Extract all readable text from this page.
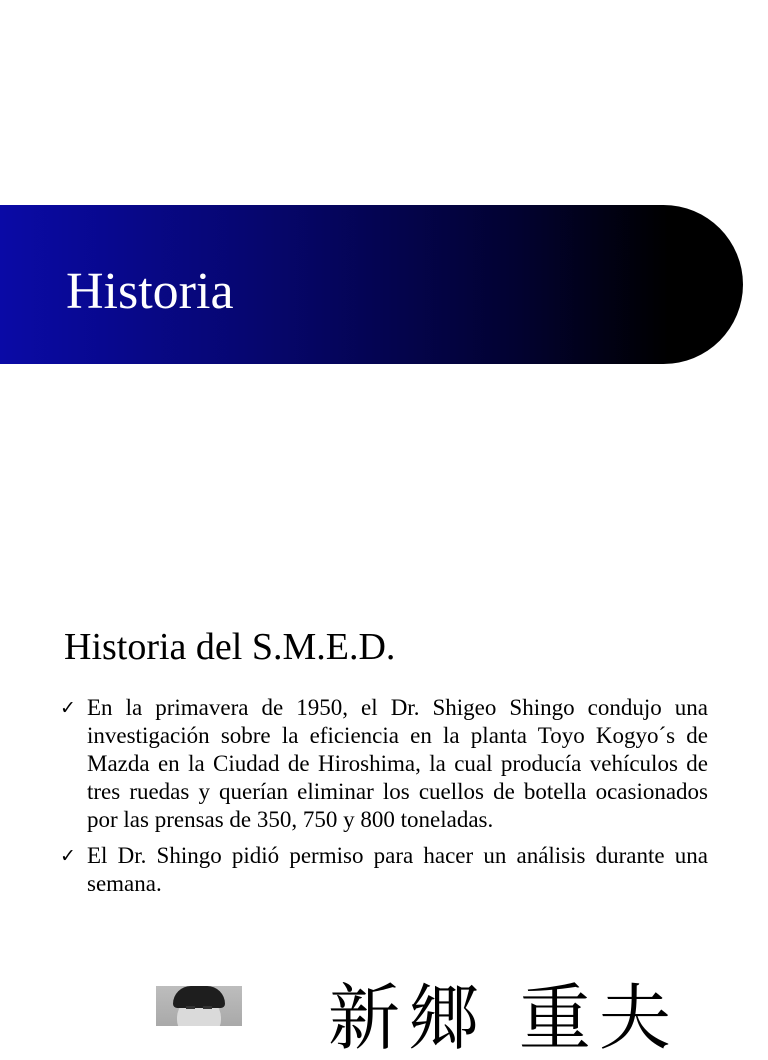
Historia
Historia del S.M.E.D.
✓ En la primavera de 1950, el Dr. Shigeo Shingo condujo una investigación sobre la eficiencia en la planta Toyo Kogyo´s de Mazda en la Ciudad de Hiroshima, la cual producía vehículos de tres ruedas y querían eliminar los cuellos de botella ocasionados por las prensas de 350, 750 y 800 toneladas.
✓ El Dr. Shingo pidió permiso para hacer un análisis durante una semana.
新郷 重夫
